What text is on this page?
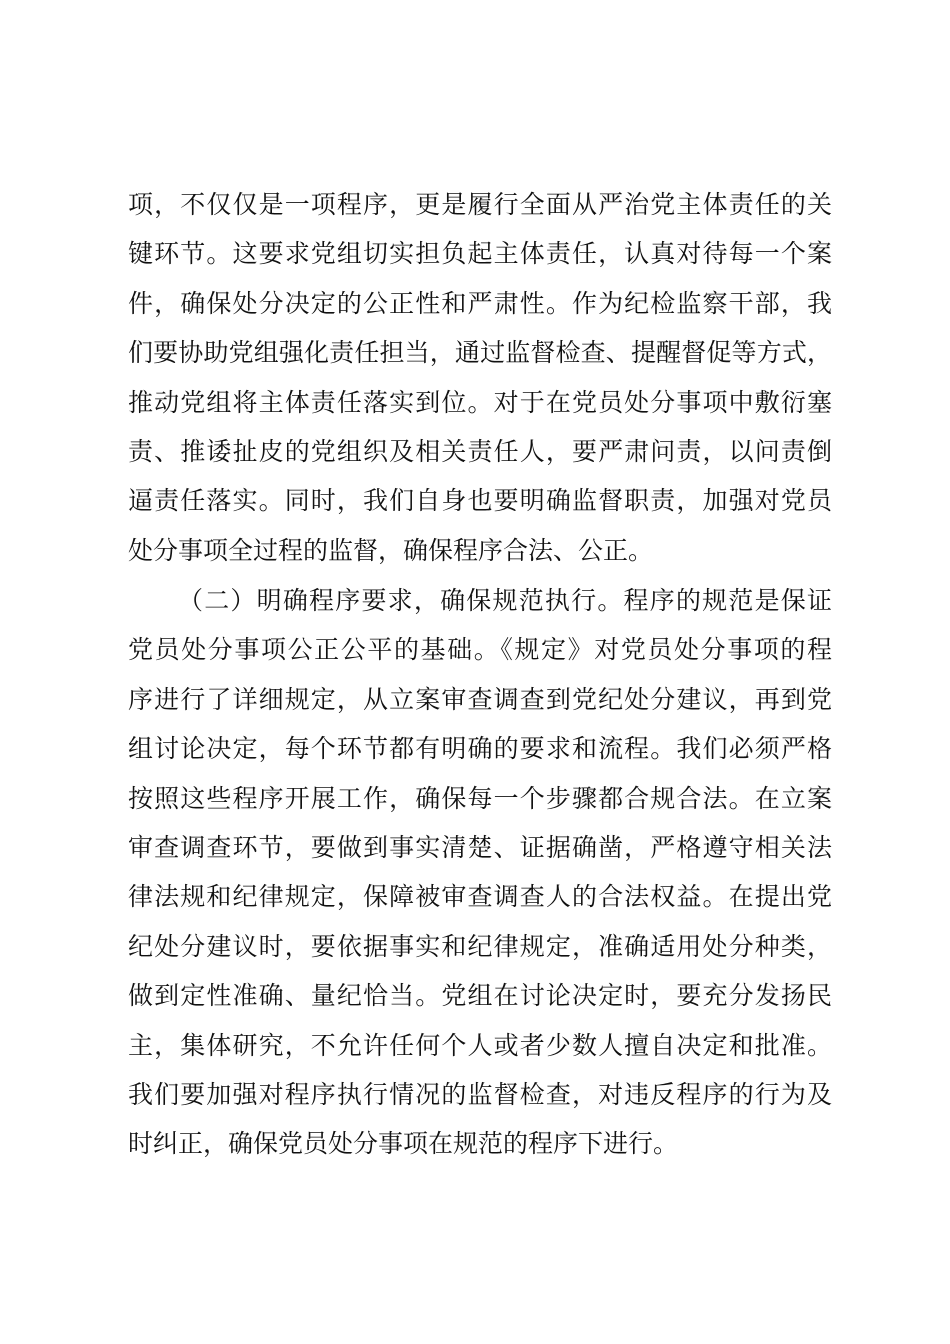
项，不仅仅是一项程序，更是履行全面从严治党主体责任的关
键环节。这要求党组切实担负起主体责任，认真对待每一个案
件，确保处分决定的公正性和严肃性。作为纪检监察干部，我
们要协助党组强化责任担当，通过监督检查、提醒督促等方式，
推动党组将主体责任落实到位。对于在党员处分事项中敷衍塞
责、推诿扯皮的党组织及相关责任人，要严肃问责，以问责倒
逼责任落实。同时，我们自身也要明确监督职责，加强对党员
处分事项全过程的监督，确保程序合法、公正。
（二）明确程序要求，确保规范执行。程序的规范是保证
党员处分事项公正公平的基础。《规定》对党员处分事项的程
序进行了详细规定，从立案审查调查到党纪处分建议，再到党
组讨论决定，每个环节都有明确的要求和流程。我们必须严格
按照这些程序开展工作，确保每一个步骤都合规合法。在立案
审查调查环节，要做到事实清楚、证据确凿，严格遵守相关法
律法规和纪律规定，保障被审查调查人的合法权益。在提出党
纪处分建议时，要依据事实和纪律规定，准确适用处分种类，
做到定性准确、量纪恰当。党组在讨论决定时，要充分发扬民
主，集体研究，不允许任何个人或者少数人擅自决定和批准。
我们要加强对程序执行情况的监督检查，对违反程序的行为及
时纠正，确保党员处分事项在规范的程序下进行。
